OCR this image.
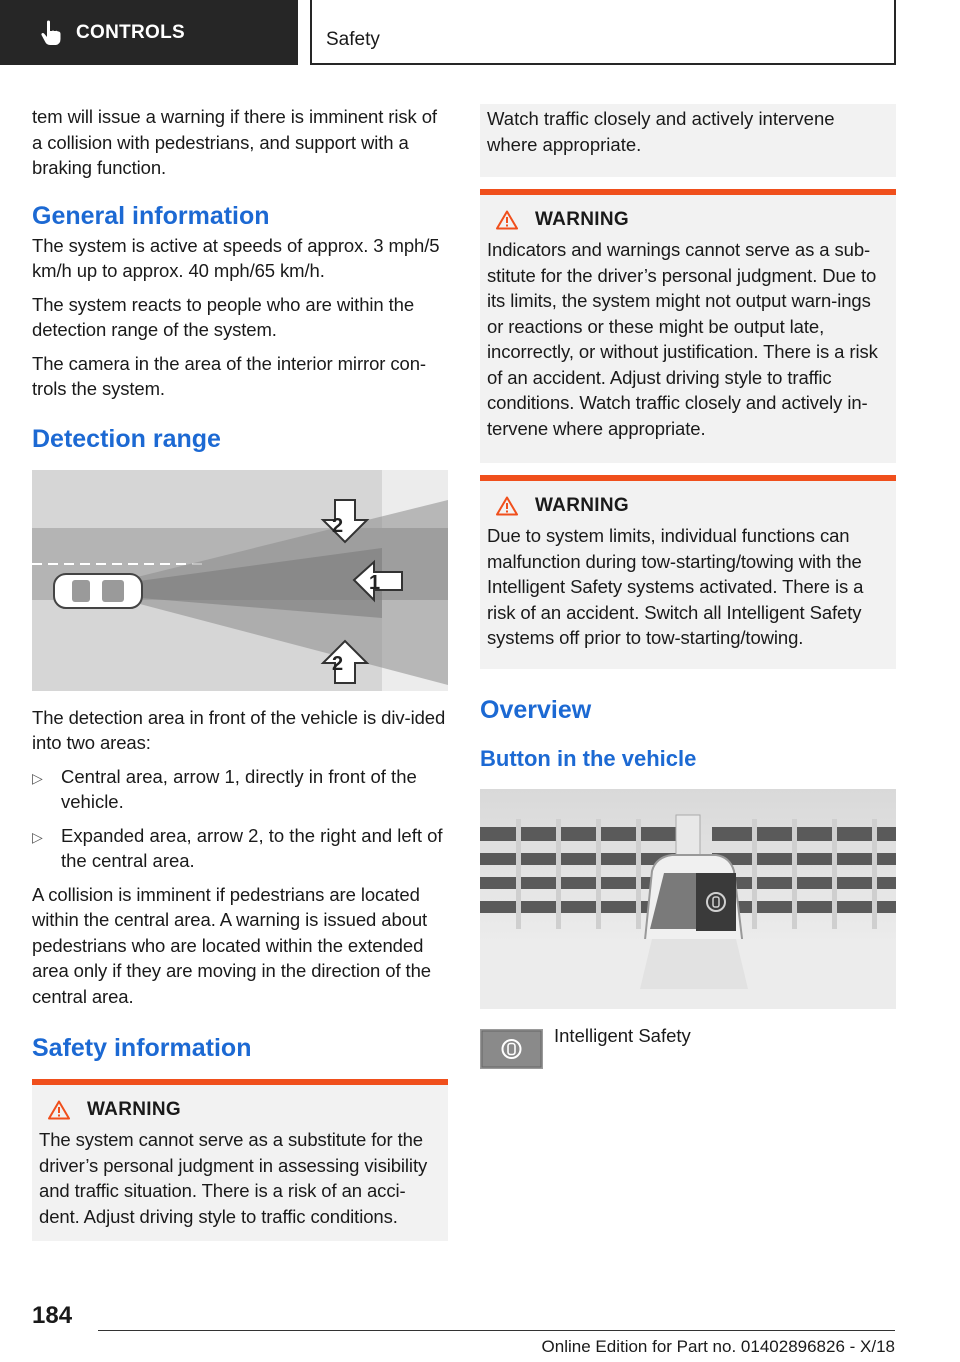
CONTROLS	Safety
tem will issue a warning if there is imminent risk of a collision with pedestrians, and support with a braking function.
General information
The system is active at speeds of approx. 3 mph/5 km/h up to approx. 40 mph/65 km/h.
The system reacts to people who are within the detection range of the system.
The camera in the area of the interior mirror con-trols the system.
Detection range
2
1
2
The detection area in front of the vehicle is div-ided into two areas:
▷ Central area, arrow 1, directly in front of the vehicle.
▷ Expanded area, arrow 2, to the right and left of the central area.
A collision is imminent if pedestrians are located within the central area. A warning is issued about pedestrians who are located within the extended area only if they are moving in the direction of the central area.
Safety information
WARNING
The system cannot serve as a substitute for the driver’s personal judgment in assessing visibility and traffic situation. There is a risk of an acci-dent. Adjust driving style to traffic conditions.
Watch traffic closely and actively intervene where appropriate.
WARNING
Indicators and warnings cannot serve as a sub-stitute for the driver’s personal judgment. Due to its limits, the system might not output warn-ings or reactions or these might be output late, incorrectly, or without justification. There is a risk of an accident. Adjust driving style to traffic conditions. Watch traffic closely and actively in-tervene where appropriate.
WARNING
Due to system limits, individual functions can malfunction during tow-starting/towing with the Intelligent Safety systems activated. There is a risk of an accident. Switch all Intelligent Safety systems off prior to tow-starting/towing.
Overview
Button in the vehicle
Intelligent Safety
184
Online Edition for Part no. 01402896826 - X/18
